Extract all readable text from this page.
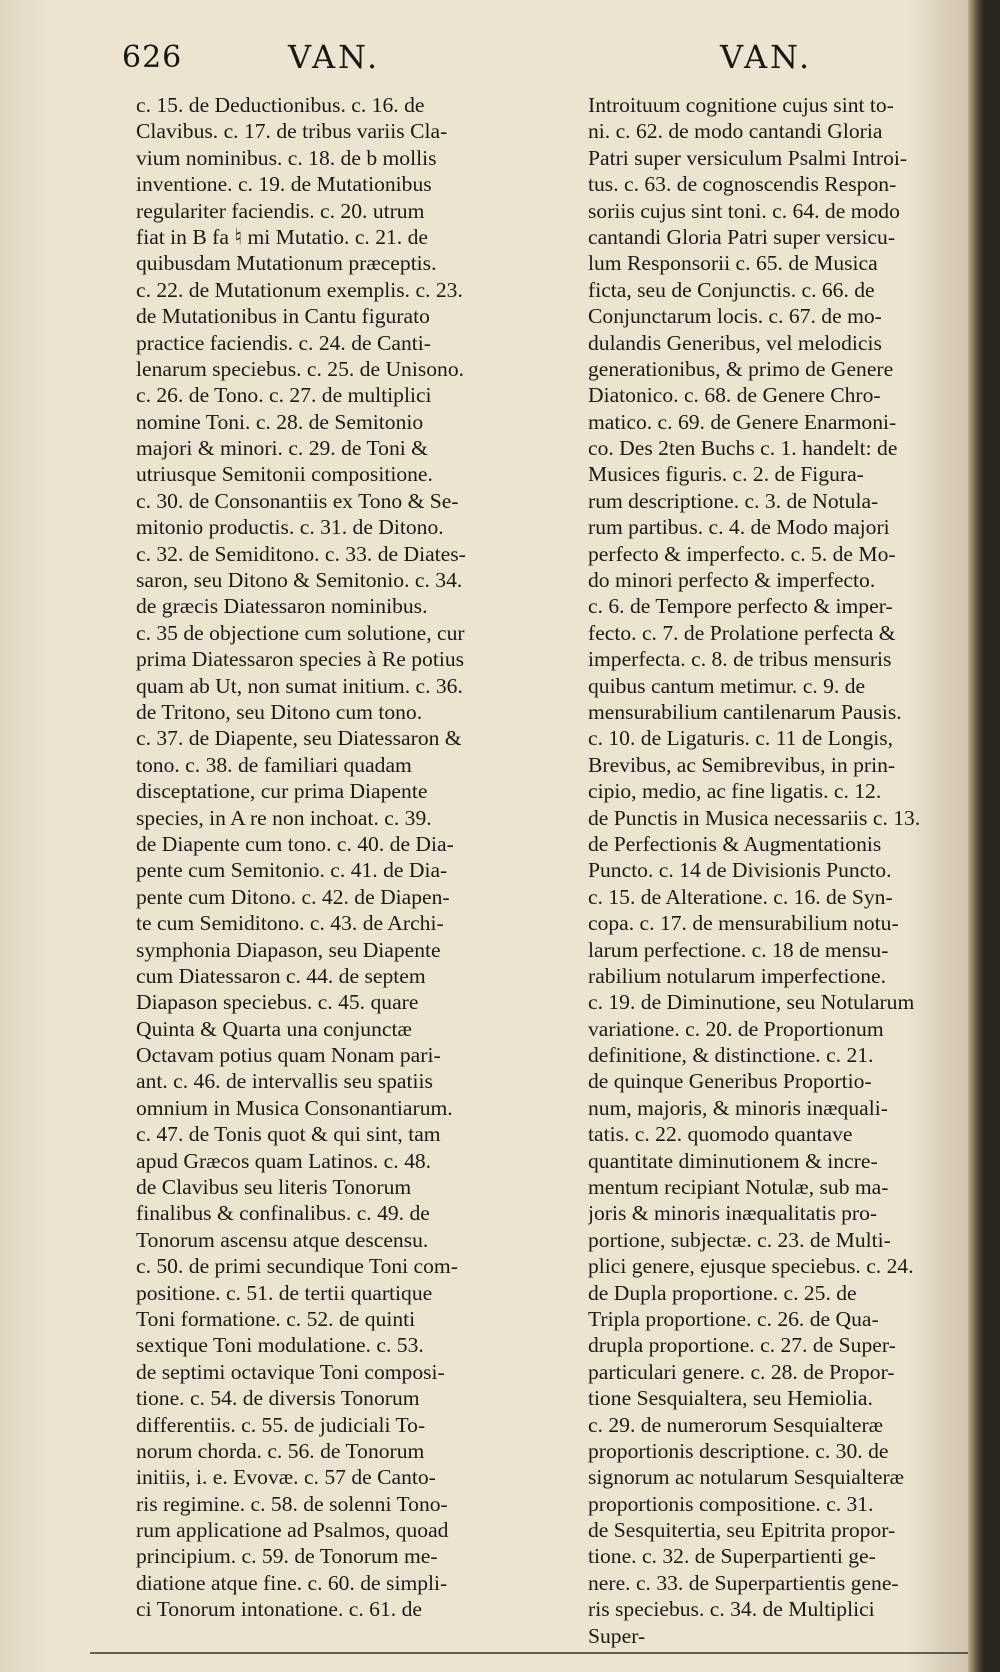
626	VAN.	VAN.
c. 15. de Deductionibus. c. 16. de
Clavibus. c. 17. de tribus variis Cla-
vium nominibus. c. 18. de b mollis
inventione. c. 19. de Mutationibus
regulariter faciendis. c. 20. utrum
fiat in B fa ♮ mi Mutatio. c. 21. de
quibusdam Mutationum præceptis.
c. 22. de Mutationum exemplis. c. 23.
de Mutationibus in Cantu figurato
practice faciendis. c. 24. de Canti-
lenarum speciebus. c. 25. de Unisono.
c. 26. de Tono. c. 27. de multiplici
nomine Toni. c. 28. de Semitonio
majori & minori. c. 29. de Toni &
utriusque Semitonii compositione.
c. 30. de Consonantiis ex Tono & Se-
mitonio productis. c. 31. de Ditono.
c. 32. de Semiditono. c. 33. de Diates-
saron, seu Ditono & Semitonio. c. 34.
de græcis Diatessaron nominibus.
c. 35 de objectione cum solutione, cur
prima Diatessaron species à Re potius
quam ab Ut, non sumat initium. c. 36.
de Tritono, seu Ditono cum tono.
c. 37. de Diapente, seu Diatessaron &
tono. c. 38. de familiari quadam
disceptatione, cur prima Diapente
species, in A re non inchoat. c. 39.
de Diapente cum tono. c. 40. de Dia-
pente cum Semitonio. c. 41. de Dia-
pente cum Ditono. c. 42. de Diapen-
te cum Semiditono. c. 43. de Archi-
symphonia Diapason, seu Diapente
cum Diatessaron c. 44. de septem
Diapason speciebus. c. 45. quare
Quinta & Quarta una conjunctæ
Octavam potius quam Nonam pari-
ant. c. 46. de intervallis seu spatiis
omnium in Musica Consonantiarum.
c. 47. de Tonis quot & qui sint, tam
apud Græcos quam Latinos. c. 48.
de Clavibus seu literis Tonorum
finalibus & confinalibus. c. 49. de
Tonorum ascensu atque descensu.
c. 50. de primi secundique Toni com-
positione. c. 51. de tertii quartique
Toni formatione. c. 52. de quinti
sextique Toni modulatione. c. 53.
de septimi octavique Toni composi-
tione. c. 54. de diversis Tonorum
differentiis. c. 55. de judiciali To-
norum chorda. c. 56. de Tonorum
initiis, i. e. Evovæ. c. 57 de Canto-
ris regimine. c. 58. de solenni Tono-
rum applicatione ad Psalmos, quoad
principium. c. 59. de Tonorum me-
diatione atque fine. c. 60. de simpli-
ci Tonorum intonatione. c. 61. de
Introituum cognitione cujus sint to-
ni. c. 62. de modo cantandi Gloria
Patri super versiculum Psalmi Introi-
tus. c. 63. de cognoscendis Respon-
soriis cujus sint toni. c. 64. de modo
cantandi Gloria Patri super versicu-
lum Responsorii c. 65. de Musica
ficta, seu de Conjunctis. c. 66. de
Conjunctarum locis. c. 67. de mo-
dulandis Generibus, vel melodicis
generationibus, & primo de Genere
Diatonico. c. 68. de Genere Chro-
matico. c. 69. de Genere Enarmoni-
co. Des 2ten Buchs c. 1. handelt: de
Musices figuris. c. 2. de Figura-
rum descriptione. c. 3. de Notula-
rum partibus. c. 4. de Modo majori
perfecto & imperfecto. c. 5. de Mo-
do minori perfecto & imperfecto.
c. 6. de Tempore perfecto & imper-
fecto. c. 7. de Prolatione perfecta &
imperfecta. c. 8. de tribus mensuris
quibus cantum metimur. c. 9. de
mensurabilium cantilenarum Pausis.
c. 10. de Ligaturis. c. 11 de Longis,
Brevibus, ac Semibrevibus, in prin-
cipio, medio, ac fine ligatis. c. 12.
de Punctis in Musica necessariis c. 13.
de Perfectionis & Augmentationis
Puncto. c. 14 de Divisionis Puncto.
c. 15. de Alteratione. c. 16. de Syn-
copa. c. 17. de mensurabilium notu-
larum perfectione. c. 18 de mensu-
rabilium notularum imperfectione.
c. 19. de Diminutione, seu Notularum
variatione. c. 20. de Proportionum
definitione, & distinctione. c. 21.
de quinque Generibus Proportio-
num, majoris, & minoris inæquali-
tatis. c. 22. quomodo quantave
quantitate diminutionem & incre-
mentum recipiant Notulæ, sub ma-
joris & minoris inæqualitatis pro-
portione, subjectæ. c. 23. de Multi-
plici genere, ejusque speciebus. c. 24.
de Dupla proportione. c. 25. de
Tripla proportione. c. 26. de Qua-
drupla proportione. c. 27. de Super-
particulari genere. c. 28. de Propor-
tione Sesquialtera, seu Hemiolia.
c. 29. de numerorum Sesquialteræ
proportionis descriptione. c. 30. de
signorum ac notularum Sesquialteræ
proportionis compositione. c. 31.
de Sesquitertia, seu Epitrita propor-
tione. c. 32. de Superpartienti ge-
nere. c. 33. de Superpartientis gene-
ris speciebus. c. 34. de Multiplici
Super-
